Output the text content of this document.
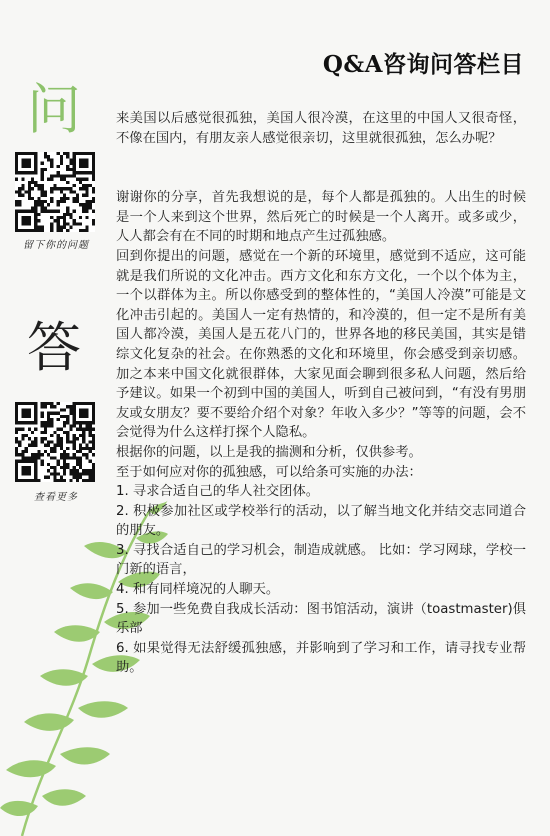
Q&A咨询问答栏目
问
留下你的问题
答
查看更多

来美国以后感觉很孤独，美国人很冷漠，在这里的中国人又很奇怪，不像在国内，有朋友亲人感觉很亲切，这里就很孤独，怎么办呢？

谢谢你的分享，首先我想说的是，每个人都是孤独的。人出生的时候是一个人来到这个世界，然后死亡的时候是一个人离开。或多或少，人人都会有在不同的时期和地点产生过孤独感。

回到你提出的问题，感觉在一个新的环境里，感觉到不适应，这可能就是我们所说的文化冲击。西方文化和东方文化，一个以个体为主，一个以群体为主。所以你感受到的整体性的，“美国人冷漠”可能是文化冲击引起的。美国人一定有热情的，和冷漠的，但一定不是所有美国人都冷漠，美国人是五花八门的，世界各地的移民美国，其实是错综文化复杂的社会。在你熟悉的文化和环境里，你会感受到亲切感。加之本来中国文化就很群体，大家见面会聊到很多私人问题，然后给予建议。如果一个初到中国的美国人，听到自己被问到，“有没有男朋友或女朋友？要不要给介绍个对象？年收入多少？”等等的问题，会不会觉得为什么这样打探个人隐私。

根据你的问题，以上是我的揣测和分析，仅供参考。

至于如何应对你的孤独感，可以给条可实施的办法：

1. 寻求合适自己的华人社交团体。
2. 积极参加社区或学校举行的活动，以了解当地文化并结交志同道合的朋友。
3. 寻找合适自己的学习机会，制造成就感。 比如：学习网球，学校一门新的语言，
4. 和有同样境况的人聊天。
5. 参加一些免费自我成长活动：图书馆活动，演讲（toastmaster)俱乐部
6. 如果觉得无法舒缓孤独感，并影响到了学习和工作，请寻找专业帮助。
